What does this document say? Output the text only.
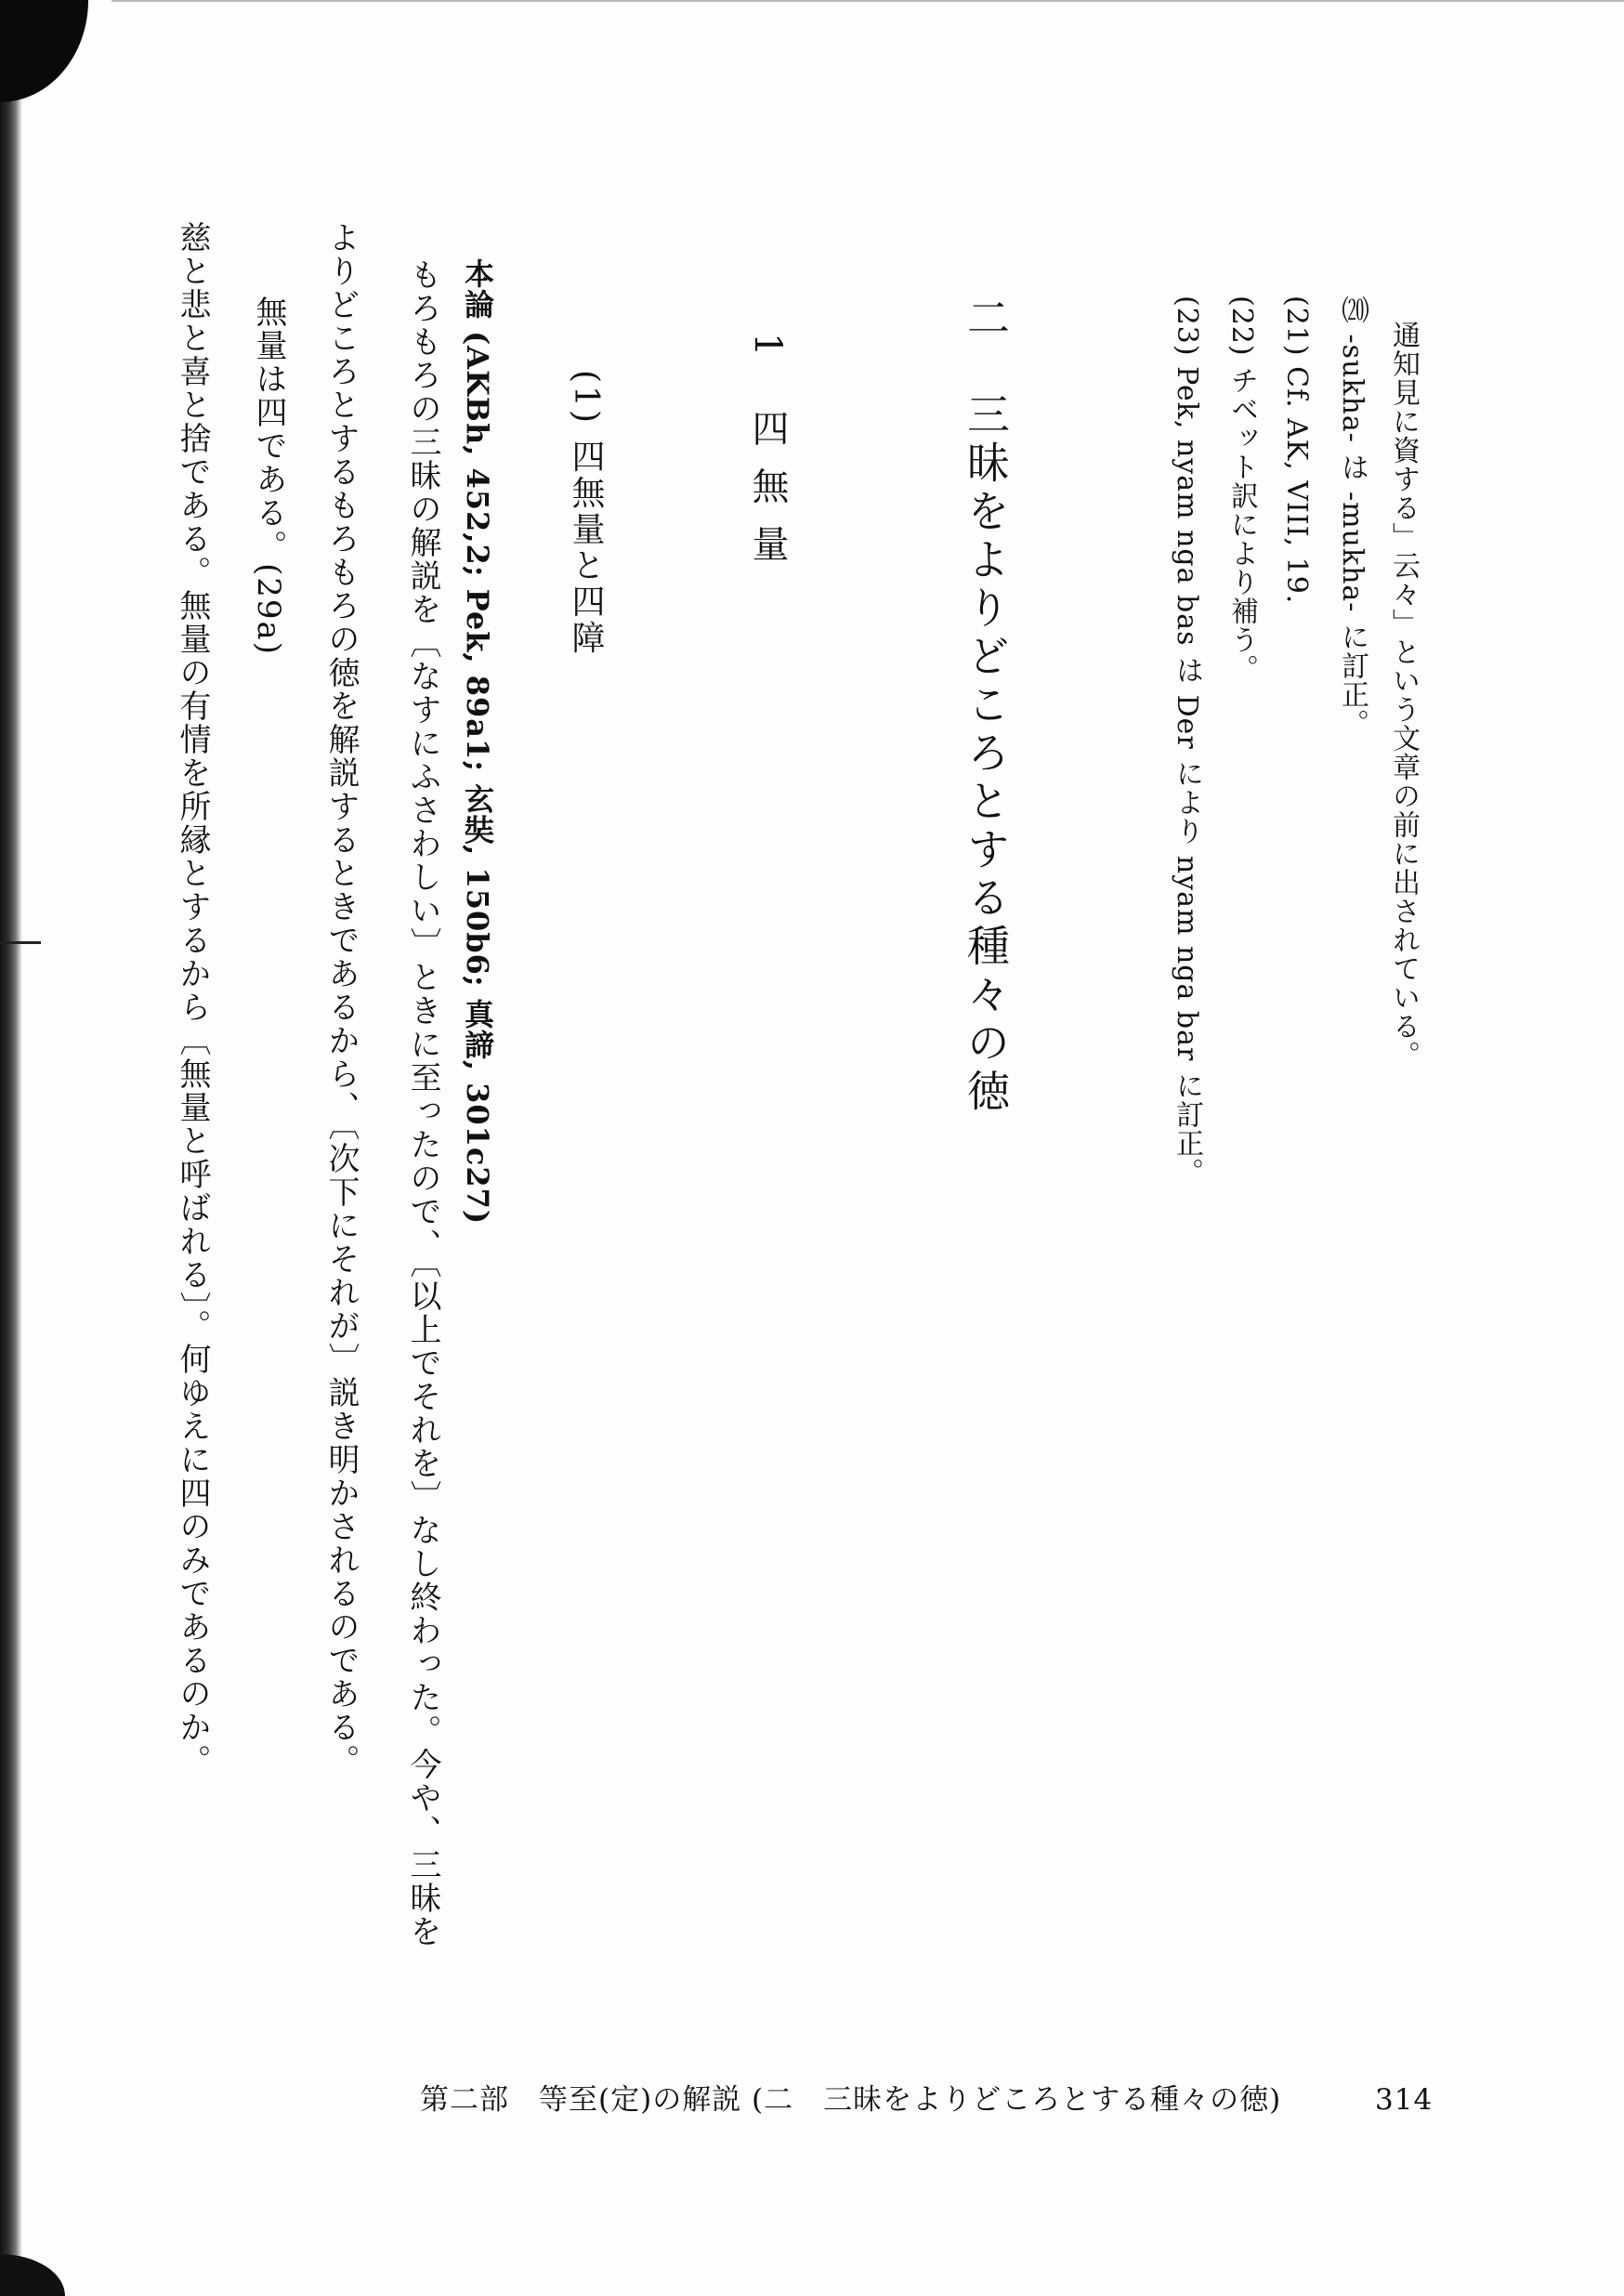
通知見に資する」云々」という文章の前に出されている。
⒇ -sukha- は -mukha- に訂正。
(21) Cf. AK, VIII, 19.
(22) チベット訳により補う。
(23) Pek, nyam nga bas は Der により nyam nga bar に訂正。
二　三昧をよりどころとする種々の徳
1 四無量
(1) 四無量と四障
本論 (AKBh, 452,2; Pek, 89a1; 玄奘, 150b6; 真諦, 301c27)
もろもろの三昧の解説を〔なすにふさわしい〕ときに至ったので、〔以上でそれを〕なし終わった。今や、三昧を
よりどころとするもろもろの徳を解説するときであるから、〔次下にそれが〕説き明かされるのである。
無量は四である。(29a)
慈と悲と喜と捨である。無量の有情を所縁とするから〔無量と呼ばれる〕。何ゆえに四のみであるのか。
第二部　等至(定)の解説 (二　三昧をよりどころとする種々の徳)	314
